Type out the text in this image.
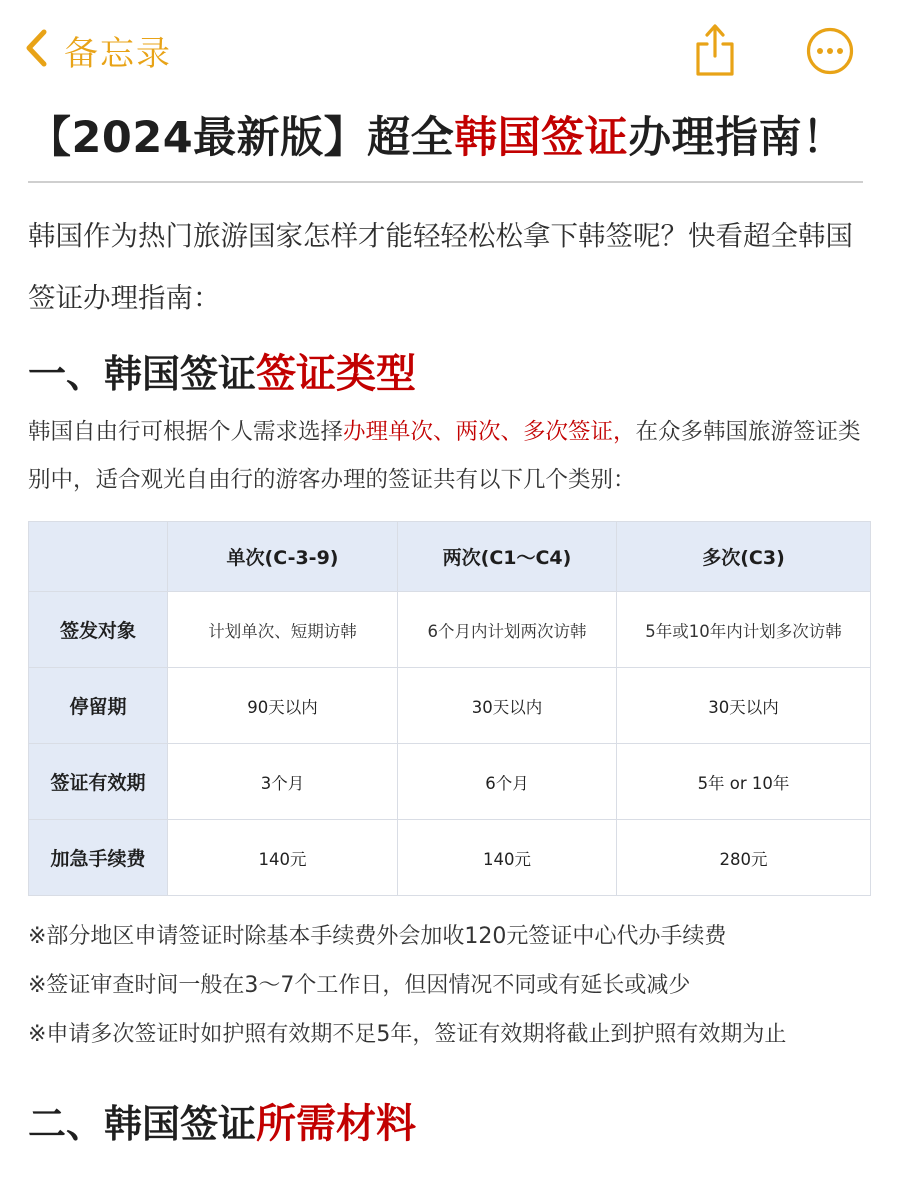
备忘录
【2024最新版】超全韩国签证办理指南！
韩国作为热门旅游国家怎样才能轻轻松松拿下韩签呢？快看超全韩国签证办理指南：
一、韩国签证签证类型
韩国自由行可根据个人需求选择办理单次、两次、多次签证，在众多韩国旅游签证类别中，适合观光自由行的游客办理的签证共有以下几个类别：
	单次(C-3-9)	两次(C1～C4)	多次(C3)
签发对象	计划单次、短期访韩	6个月内计划两次访韩	5年或10年内计划多次访韩
停留期	90天以内	30天以内	30天以内
签证有效期	3个月	6个月	5年 or 10年
加急手续费	140元	140元	280元
※部分地区申请签证时除基本手续费外会加收120元签证中心代办手续费
※签证审查时间一般在3～7个工作日，但因情况不同或有延长或减少
※申请多次签证时如护照有效期不足5年，签证有效期将截止到护照有效期为止
二、韩国签证所需材料
